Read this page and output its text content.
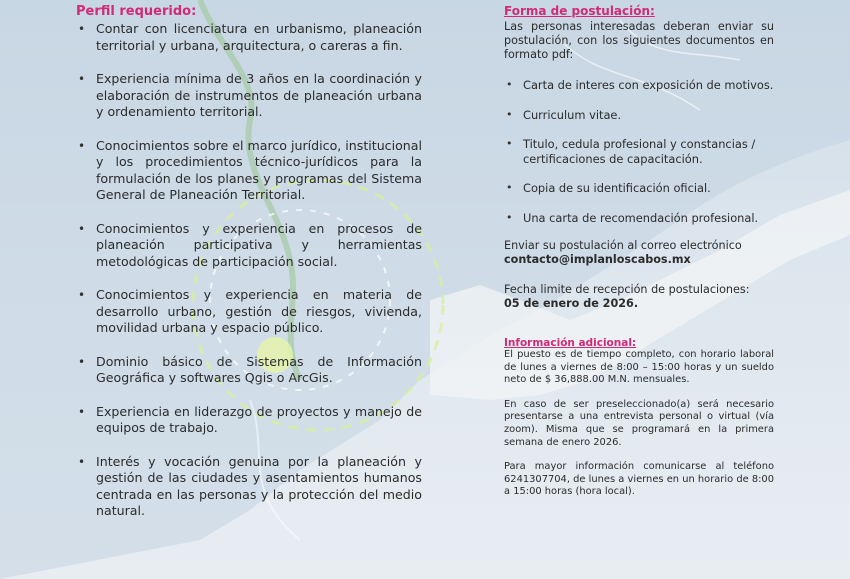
Perfil requerido:
• Contar con licenciatura en urbanismo, planeación territorial y urbana, arquitectura, o careras a fin.
• Experiencia mínima de 3 años en la coordinación y elaboración de instrumentos de planeación urbana y ordenamiento territorial.
• Conocimientos sobre el marco jurídico, institucional y los procedimientos técnico-jurídicos para la formulación de los planes y programas del Sistema General de Planeación Territorial.
• Conocimientos y experiencia en procesos de planeación participativa y herramientas metodológicas de participación social.
• Conocimientos y experiencia en materia de desarrollo urbano, gestión de riesgos, vivienda, movilidad urbana y espacio público.
• Dominio básico de Sistemas de Información Geográfica y softwares Qgis o ArcGis.
• Experiencia en liderazgo de proyectos y manejo de equipos de trabajo.
• Interés y vocación genuina por la planeación y gestión de las ciudades y asentamientos humanos centrada en las personas y la protección del medio natural.
Forma de postulación:

Las personas interesadas deberan enviar su postulación, con los siguientes documentos en formato pdf:

• Carta de interes con exposición de motivos.
• Curriculum vitae.
• Titulo, cedula profesional y constancias / certificaciones de capacitación.
• Copia de su identificación oficial.
• Una carta de recomendación profesional.

Enviar su postulación al correo electrónico

contacto@implanloscabos.mx

Fecha limite de recepción de postulaciones:

05 de enero de 2026.

Información adicional:

El puesto es de tiempo completo, con horario laboral de lunes a viernes de 8:00 – 15:00 horas y un sueldo neto de $ 36,888.00 M.N. mensuales.

En caso de ser preseleccionado(a) será necesario presentarse a una entrevista personal o virtual (vía zoom). Misma que se programará en la primera semana de enero 2026.

Para mayor información comunicarse al teléfono 6241307704, de lunes a viernes en un horario de 8:00 a 15:00 horas (hora local).
